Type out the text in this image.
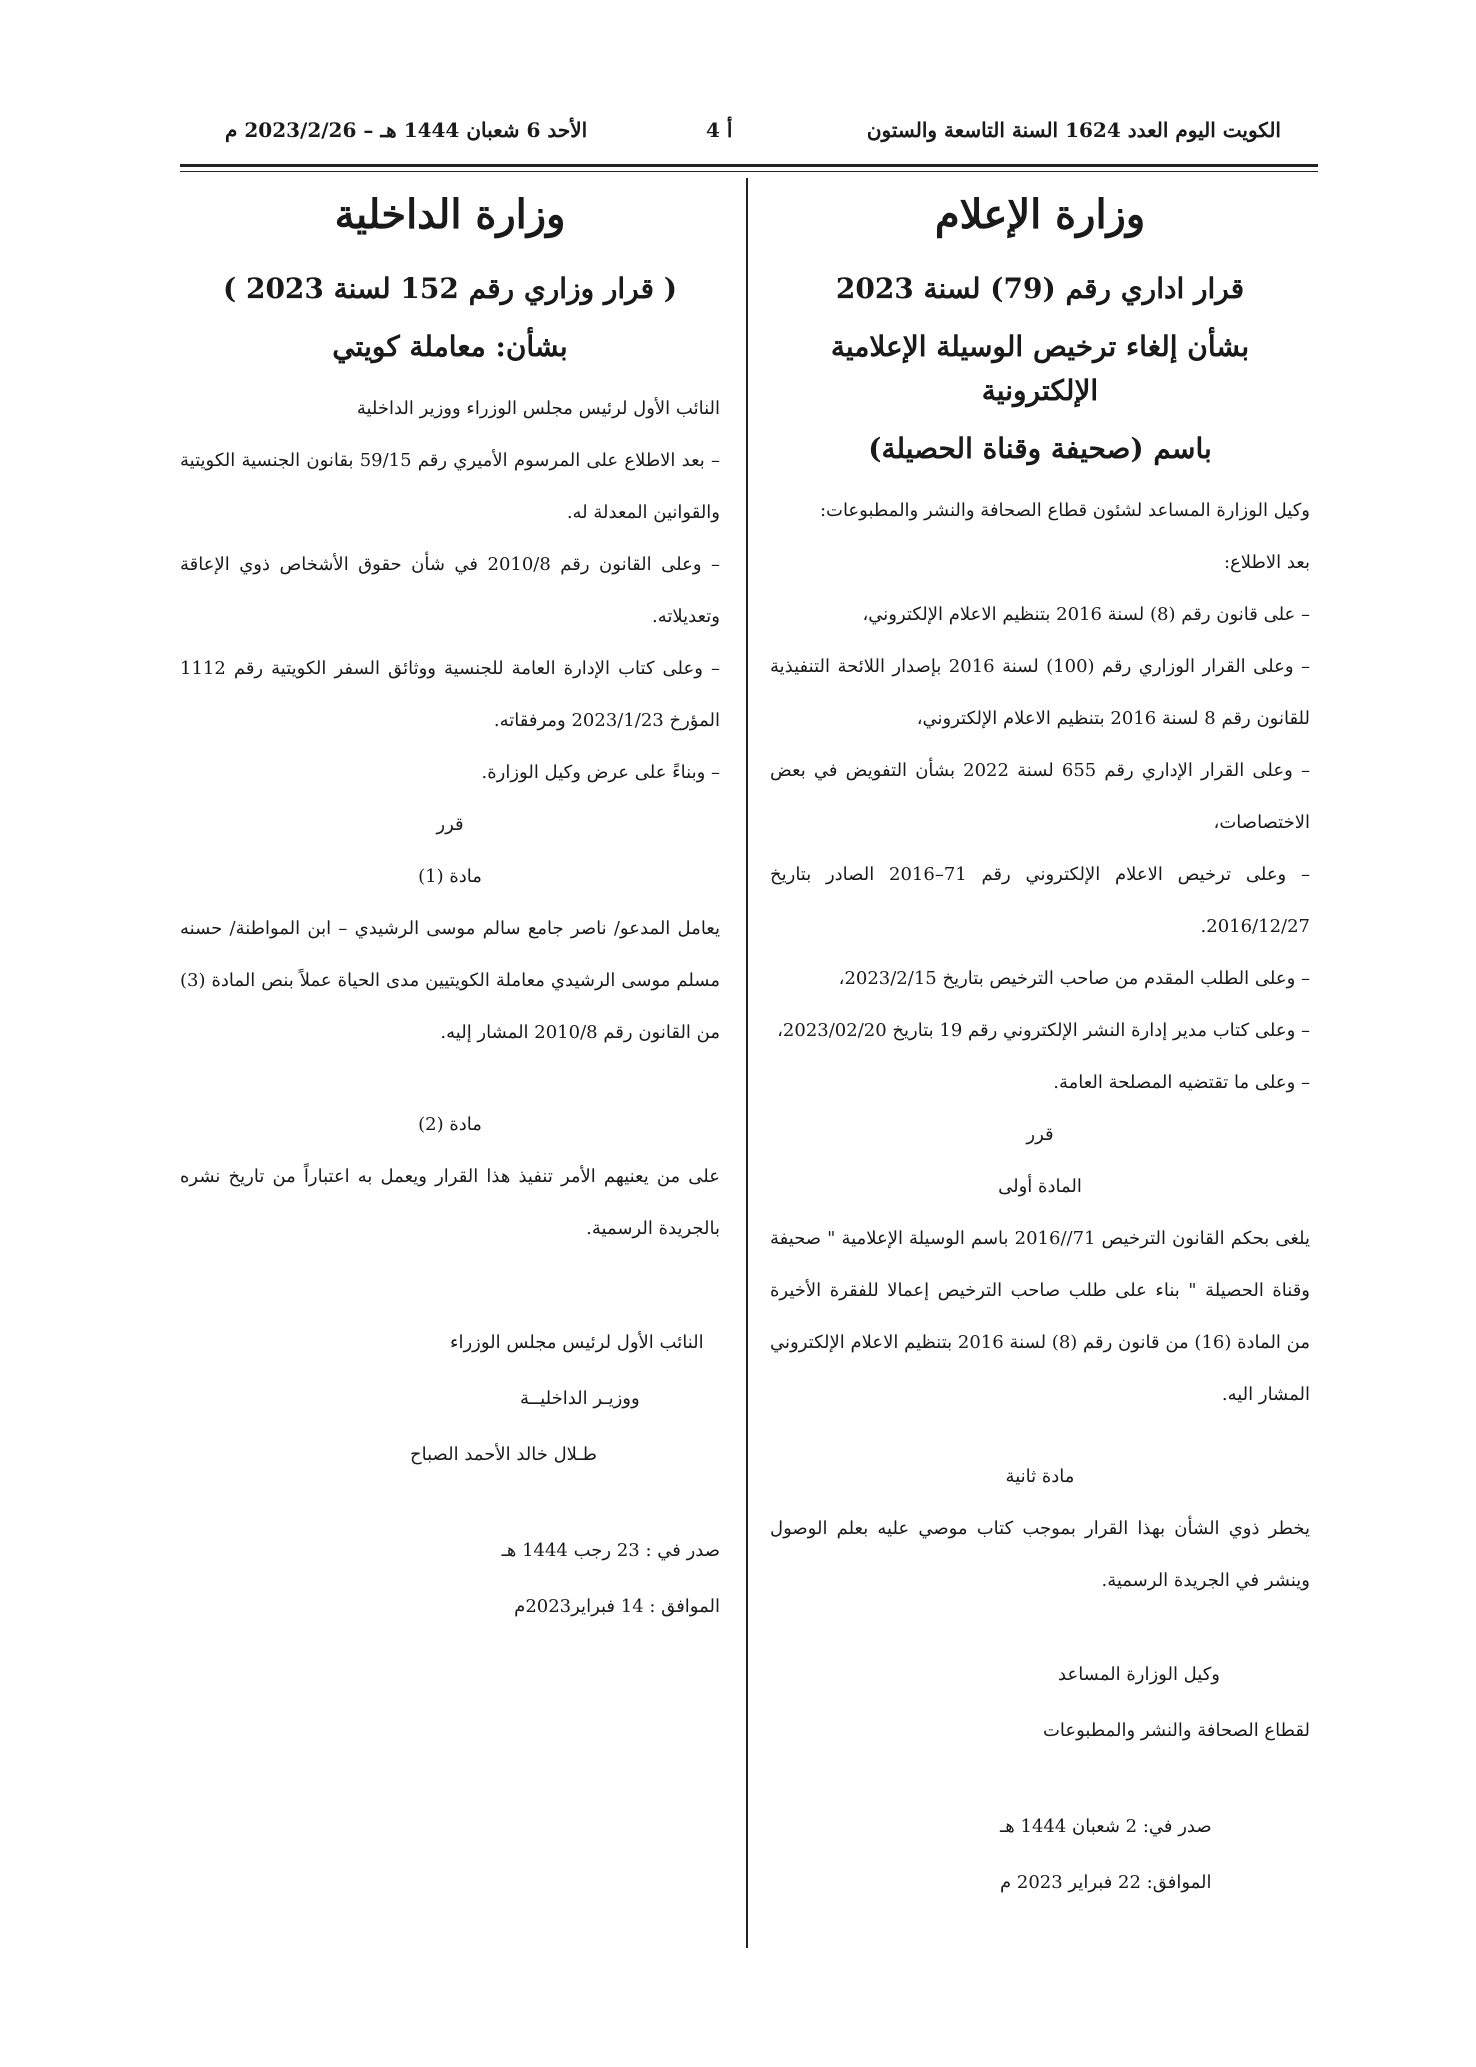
الكويت اليوم العدد 1624 السنة التاسعة والستون
أ 4
الأحد 6 شعبان 1444 هـ – 2023/2/26 م
وزارة الإعلام
قرار اداري رقم (79) لسنة 2023
بشأن إلغاء ترخيص الوسيلة الإعلامية الإلكترونية
باسم (صحيفة وقناة الحصيلة)

وكيل الوزارة المساعد لشئون قطاع الصحافة والنشر والمطبوعات:

بعد الاطلاع:

– على قانون رقم (8) لسنة 2016 بتنظيم الاعلام الإلكتروني،

– وعلى القرار الوزاري رقم (100) لسنة 2016 بإصدار اللائحة التنفيذية للقانون رقم 8 لسنة 2016 بتنظيم الاعلام الإلكتروني،

– وعلى القرار الإداري رقم 655 لسنة 2022 بشأن التفويض في بعض الاختصاصات،

– وعلى ترخيص الاعلام الإلكتروني رقم 71–2016 الصادر بتاريخ 2016/12/27.

– وعلى الطلب المقدم من صاحب الترخيص بتاريخ 2023/2/15،

– وعلى كتاب مدير إدارة النشر الإلكتروني رقم 19 بتاريخ 2023/02/20،

– وعلى ما تقتضيه المصلحة العامة.

قرر

المادة أولى

يلغى بحكم القانون الترخيص 71//2016 باسم الوسيلة الإعلامية " صحيفة وقناة الحصيلة " بناء على طلب صاحب الترخيص إعمالا للفقرة الأخيرة من المادة (16) من قانون رقم (8) لسنة 2016 بتنظيم الاعلام الإلكتروني المشار اليه.

مادة ثانية

يخطر ذوي الشأن بهذا القرار بموجب كتاب موصي عليه بعلم الوصول وينشر في الجريدة الرسمية.

وكيل الوزارة المساعد

لقطاع الصحافة والنشر والمطبوعات

صدر في: 2 شعبان 1444 هـ

الموافق: 22 فبراير 2023 م

وزارة الداخلية
( قرار وزاري رقم 152 لسنة 2023 )
بشأن: معاملة كويتي

النائب الأول لرئيس مجلس الوزراء ووزير الداخلية

– بعد الاطلاع على المرسوم الأميري رقم 59/15 بقانون الجنسية الكويتية والقوانين المعدلة له.

– وعلى القانون رقم 2010/8 في شأن حقوق الأشخاص ذوي الإعاقة وتعديلاته.

– وعلى كتاب الإدارة العامة للجنسية ووثائق السفر الكويتية رقم 1112 المؤرخ 2023/1/23 ومرفقاته.

– وبناءً على عرض وكيل الوزارة.

قرر

مادة (1)

يعامل المدعو/ ناصر جامع سالم موسى الرشيدي – ابن المواطنة/ حسنه مسلم موسى الرشيدي معاملة الكويتيين مدى الحياة عملاً بنص المادة (3) من القانون رقم 2010/8 المشار إليه.

مادة (2)

على من يعنيهم الأمر تنفيذ هذا القرار ويعمل به اعتباراً من تاريخ نشره بالجريدة الرسمية.

النائب الأول لرئيس مجلس الوزراء

ووزيـر الداخليــة

طـلال خالد الأحمد الصباح

صدر في : 23 رجب 1444 هـ

الموافق : 14 فبراير2023م
